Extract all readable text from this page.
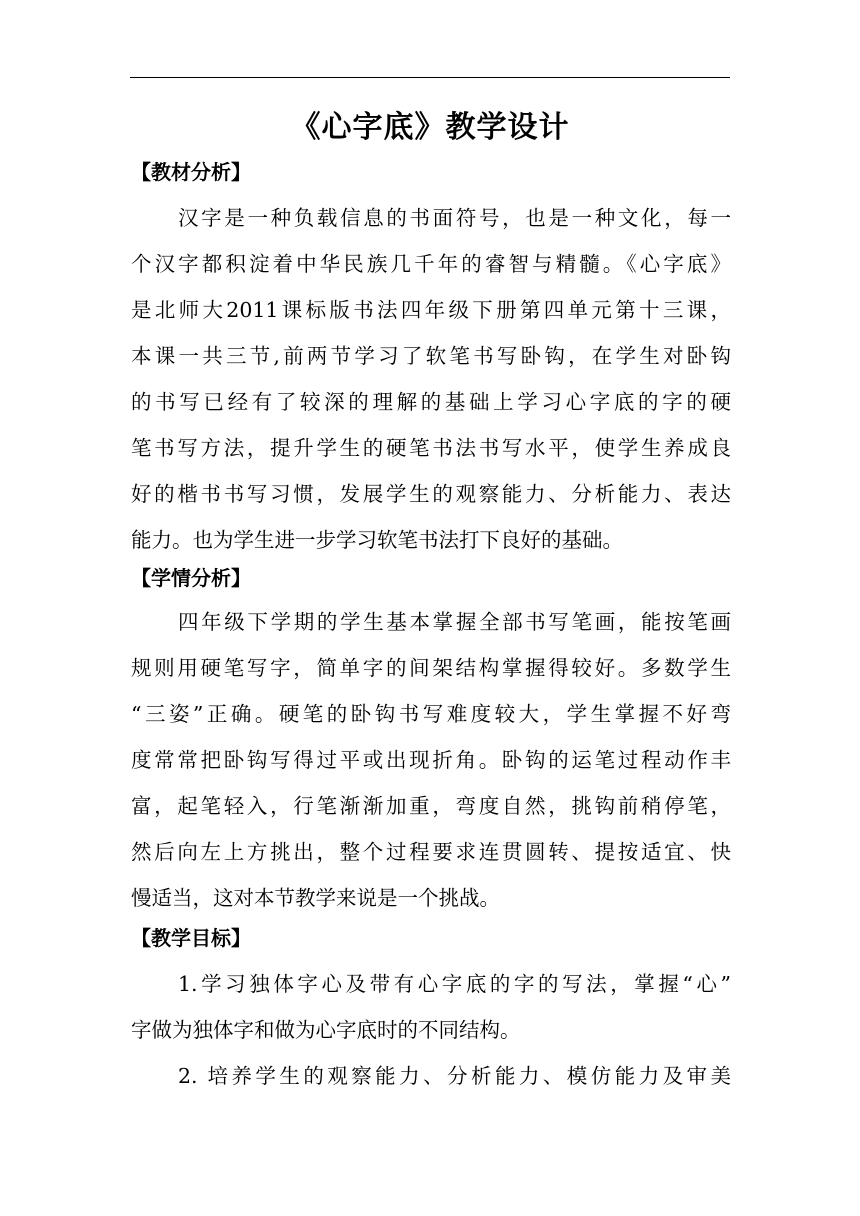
《心字底》教学设计
【教材分析】
汉字是一种负载信息的书面符号，也是一种文化，每一
个汉字都积淀着中华民族几千年的睿智与精髓。《心字底》
是北师大2011课标版书法四年级下册第四单元第十三课，
本课一共三节,前两节学习了软笔书写卧钩，在学生对卧钩
的书写已经有了较深的理解的基础上学习心字底的字的硬
笔书写方法，提升学生的硬笔书法书写水平，使学生养成良
好的楷书书写习惯，发展学生的观察能力、分析能力、表达
能力。也为学生进一步学习软笔书法打下良好的基础。
【学情分析】
四年级下学期的学生基本掌握全部书写笔画，能按笔画
规则用硬笔写字，简单字的间架结构掌握得较好。多数学生
“三姿”正确。硬笔的卧钩书写难度较大，学生掌握不好弯
度常常把卧钩写得过平或出现折角。卧钩的运笔过程动作丰
富，起笔轻入，行笔渐渐加重，弯度自然，挑钩前稍停笔，
然后向左上方挑出，整个过程要求连贯圆转、提按适宜、快
慢适当，这对本节教学来说是一个挑战。
【教学目标】
1.学习独体字心及带有心字底的字的写法，掌握“心”
字做为独体字和做为心字底时的不同结构。
2. 培养学生的观察能力、分析能力、模仿能力及审美
